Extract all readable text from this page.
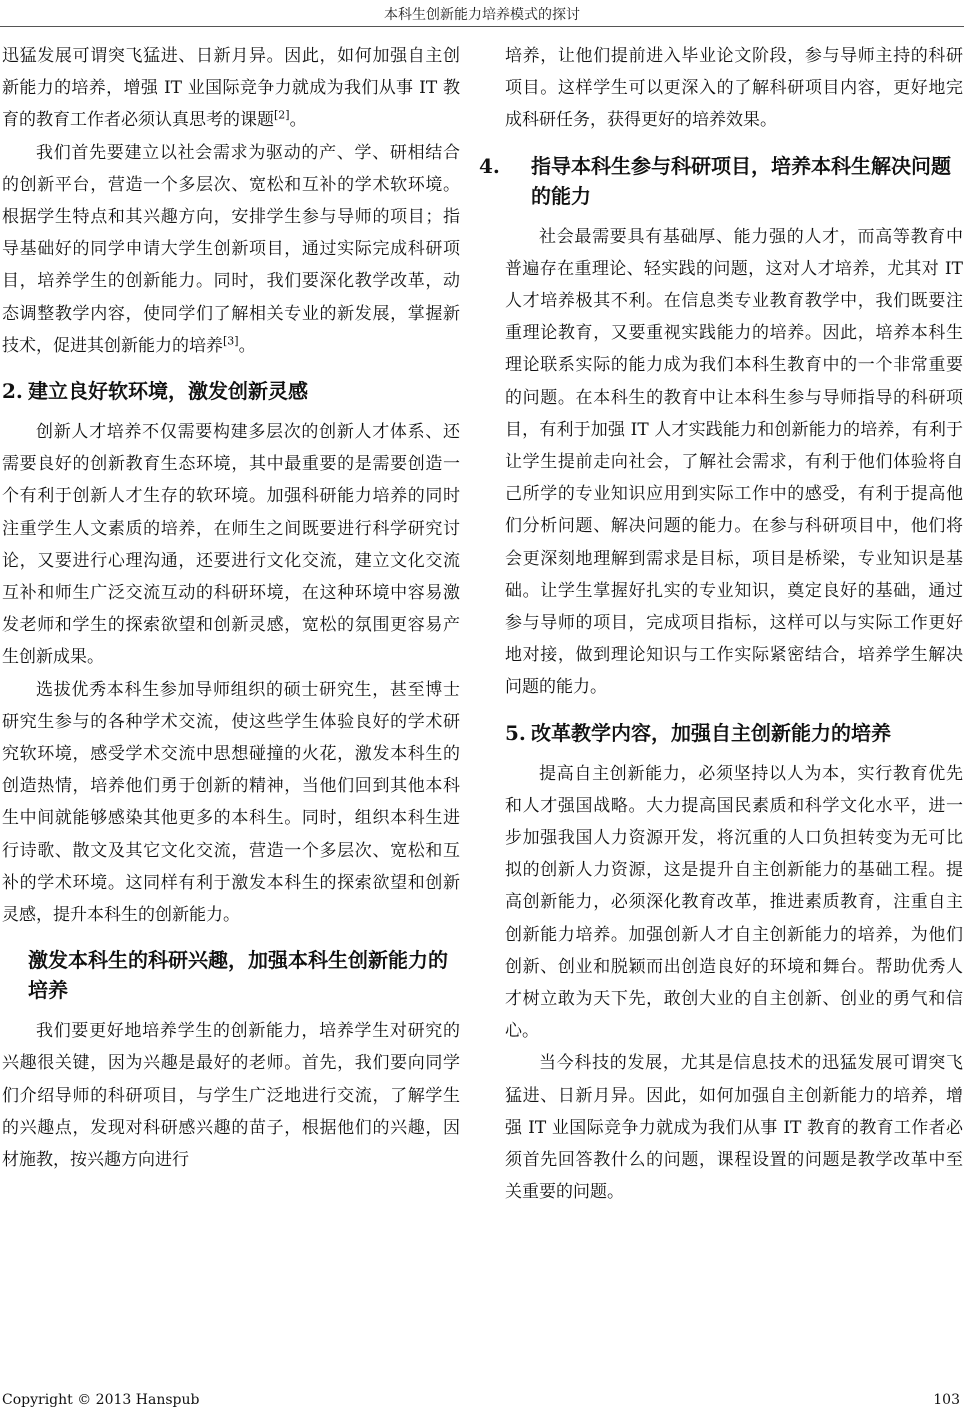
本科生创新能力培养模式的探讨

迅猛发展可谓突飞猛进、日新月异。因此，如何加强自主创新能力的培养，增强 IT 业国际竞争力就成为我们从事 IT 教育的教育工作者必须认真思考的课题[2]。

我们首先要建立以社会需求为驱动的产、学、研相结合的创新平台，营造一个多层次、宽松和互补的学术软环境。根据学生特点和其兴趣方向，安排学生参与导师的项目；指导基础好的同学申请大学生创新项目，通过实际完成科研项目，培养学生的创新能力。同时，我们要深化教学改革，动态调整教学内容，使同学们了解相关专业的新发展，掌握新技术，促进其创新能力的培养[3]。

2. 建立良好软环境，激发创新灵感

创新人才培养不仅需要构建多层次的创新人才体系、还需要良好的创新教育生态环境，其中最重要的是需要创造一个有利于创新人才生存的软环境。加强科研能力培养的同时注重学生人文素质的培养，在师生之间既要进行科学研究讨论，又要进行心理沟通，还要进行文化交流，建立文化交流互补和师生广泛交流互动的科研环境，在这种环境中容易激发老师和学生的探索欲望和创新灵感，宽松的氛围更容易产生创新成果。

选拔优秀本科生参加导师组织的硕士研究生，甚至博士研究生参与的各种学术交流，使这些学生体验良好的学术研究软环境，感受学术交流中思想碰撞的火花，激发本科生的创造热情，培养他们勇于创新的精神，当他们回到其他本科生中间就能够感染其他更多的本科生。同时，组织本科生进行诗歌、散文及其它文化交流，营造一个多层次、宽松和互补的学术环境。这同样有利于激发本科生的探索欲望和创新灵感，提升本科生的创新能力。

激发本科生的科研兴趣，加强本科生创新能力的培养

我们要更好地培养学生的创新能力，培养学生对研究的兴趣很关键，因为兴趣是最好的老师。首先，我们要向同学们介绍导师的科研项目，与学生广泛地进行交流，了解学生的兴趣点，发现对科研感兴趣的苗子，根据他们的兴趣，因材施教，按兴趣方向进行

培养，让他们提前进入毕业论文阶段，参与导师主持的科研项目。这样学生可以更深入的了解科研项目内容，更好地完成科研任务，获得更好的培养效果。

4. 指导本科生参与科研项目，培养本科生解决问题的能力

社会最需要具有基础厚、能力强的人才，而高等教育中普遍存在重理论、轻实践的问题，这对人才培养，尤其对 IT 人才培养极其不利。在信息类专业教育教学中，我们既要注重理论教育，又要重视实践能力的培养。因此，培养本科生理论联系实际的能力成为我们本科生教育中的一个非常重要的问题。在本科生的教育中让本科生参与导师指导的科研项目，有利于加强 IT 人才实践能力和创新能力的培养，有利于让学生提前走向社会，了解社会需求，有利于他们体验将自己所学的专业知识应用到实际工作中的感受，有利于提高他们分析问题、解决问题的能力。在参与科研项目中，他们将会更深刻地理解到需求是目标，项目是桥梁，专业知识是基础。让学生掌握好扎实的专业知识，奠定良好的基础，通过参与导师的项目，完成项目指标，这样可以与实际工作更好地对接，做到理论知识与工作实际紧密结合，培养学生解决问题的能力。

5. 改革教学内容，加强自主创新能力的培养

提高自主创新能力，必须坚持以人为本，实行教育优先和人才强国战略。大力提高国民素质和科学文化水平，进一步加强我国人力资源开发，将沉重的人口负担转变为无可比拟的创新人力资源，这是提升自主创新能力的基础工程。提高创新能力，必须深化教育改革，推进素质教育，注重自主创新能力培养。加强创新人才自主创新能力的培养，为他们创新、创业和脱颖而出创造良好的环境和舞台。帮助优秀人才树立敢为天下先，敢创大业的自主创新、创业的勇气和信心。

当今科技的发展，尤其是信息技术的迅猛发展可谓突飞猛进、日新月异。因此，如何加强自主创新能力的培养，增强 IT 业国际竞争力就成为我们从事 IT 教育的教育工作者必须首先回答教什么的问题，课程设置的问题是教学改革中至关重要的问题。

Copyright © 2013 Hanspub	103
